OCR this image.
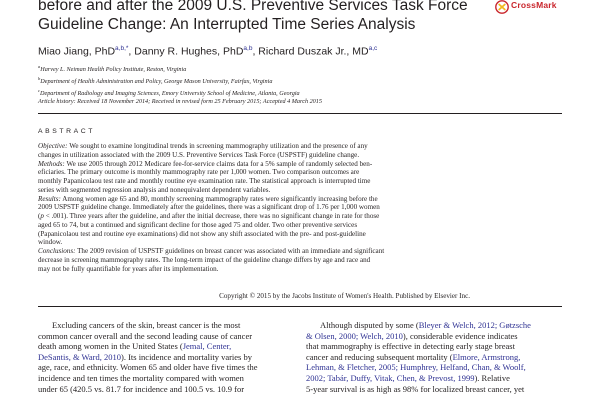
before and after the 2009 U.S. Preventive Services Task Force
Guideline Change: An Interrupted Time Series Analysis
CrossMark
Miao Jiang, PhD$^{a,b,*}$, Danny R. Hughes, PhD$^{a,b}$, Richard Duszak Jr., MD$^{a,c}$
$^a$Harvey L. Neiman Health Policy Institute, Reston, Virginia
$^b$Department of Health Administration and Policy, George Mason University, Fairfax, Virginia
$^c$Department of Radiology and Imaging Sciences, Emory University School of Medicine, Atlanta, Georgia
Article history: Received 18 November 2014; Received in revised form 25 February 2015; Accepted 4 March 2015
ABSTRACT
Objective: We sought to examine longitudinal trends in screening mammography utilization and the presence of any
changes in utilization associated with the 2009 U.S. Preventive Services Task Force (USPSTF) guideline change.
Methods: We use 2005 through 2012 Medicare fee-for-service claims data for a 5% sample of randomly selected ben-
eficiaries. The primary outcome is monthly mammography rate per 1,000 women. Two comparison outcomes are
monthly Papanicolaou test rate and monthly routine eye examination rate. The statistical approach is interrupted time
series with segmented regression analysis and nonequivalent dependent variables.
Results: Among women age 65 and 80, monthly screening mammography rates were significantly increasing before the
2009 USPSTF guideline change. Immediately after the guidelines, there was a significant drop of 1.76 per 1,000 women
(p < .001). Three years after the guideline, and after the initial decrease, there was no significant change in rate for those
aged 65 to 74, but a continued and significant decline for those aged 75 and older. Two other preventive services
(Papanicolaou test and routine eye examinations) did not show any shift associated with the pre- and post-guideline
window.
Conclusions: The 2009 revision of USPSTF guidelines on breast cancer was associated with an immediate and significant
decrease in screening mammography rates. The long-term impact of the guideline change differs by age and race and
may not be fully quantifiable for years after its implementation.
Copyright © 2015 by the Jacobs Institute of Women's Health. Published by Elsevier Inc.
Excluding cancers of the skin, breast cancer is the most
common cancer overall and the second leading cause of cancer
death among women in the United States (Jemal, Center,
DeSantis, & Ward, 2010). Its incidence and mortality varies by
age, race, and ethnicity. Women 65 and older have five times the
incidence and ten times the mortality compared with women
under 65 (420.5 vs. 81.7 for incidence and 100.5 vs. 10.9 for
Although disputed by some (Bleyer & Welch, 2012; Gøtzsche
& Olsen, 2000; Welch, 2010), considerable evidence indicates
that mammography is effective in detecting early stage breast
cancer and reducing subsequent mortality (Elmore, Armstrong,
Lehman, & Fletcher, 2005; Humphrey, Helfand, Chan, & Woolf,
2002; Tabár, Duffy, Vitak, Chen, & Prevost, 1999). Relative
5-year survival is as high as 98% for localized breast cancer, yet
